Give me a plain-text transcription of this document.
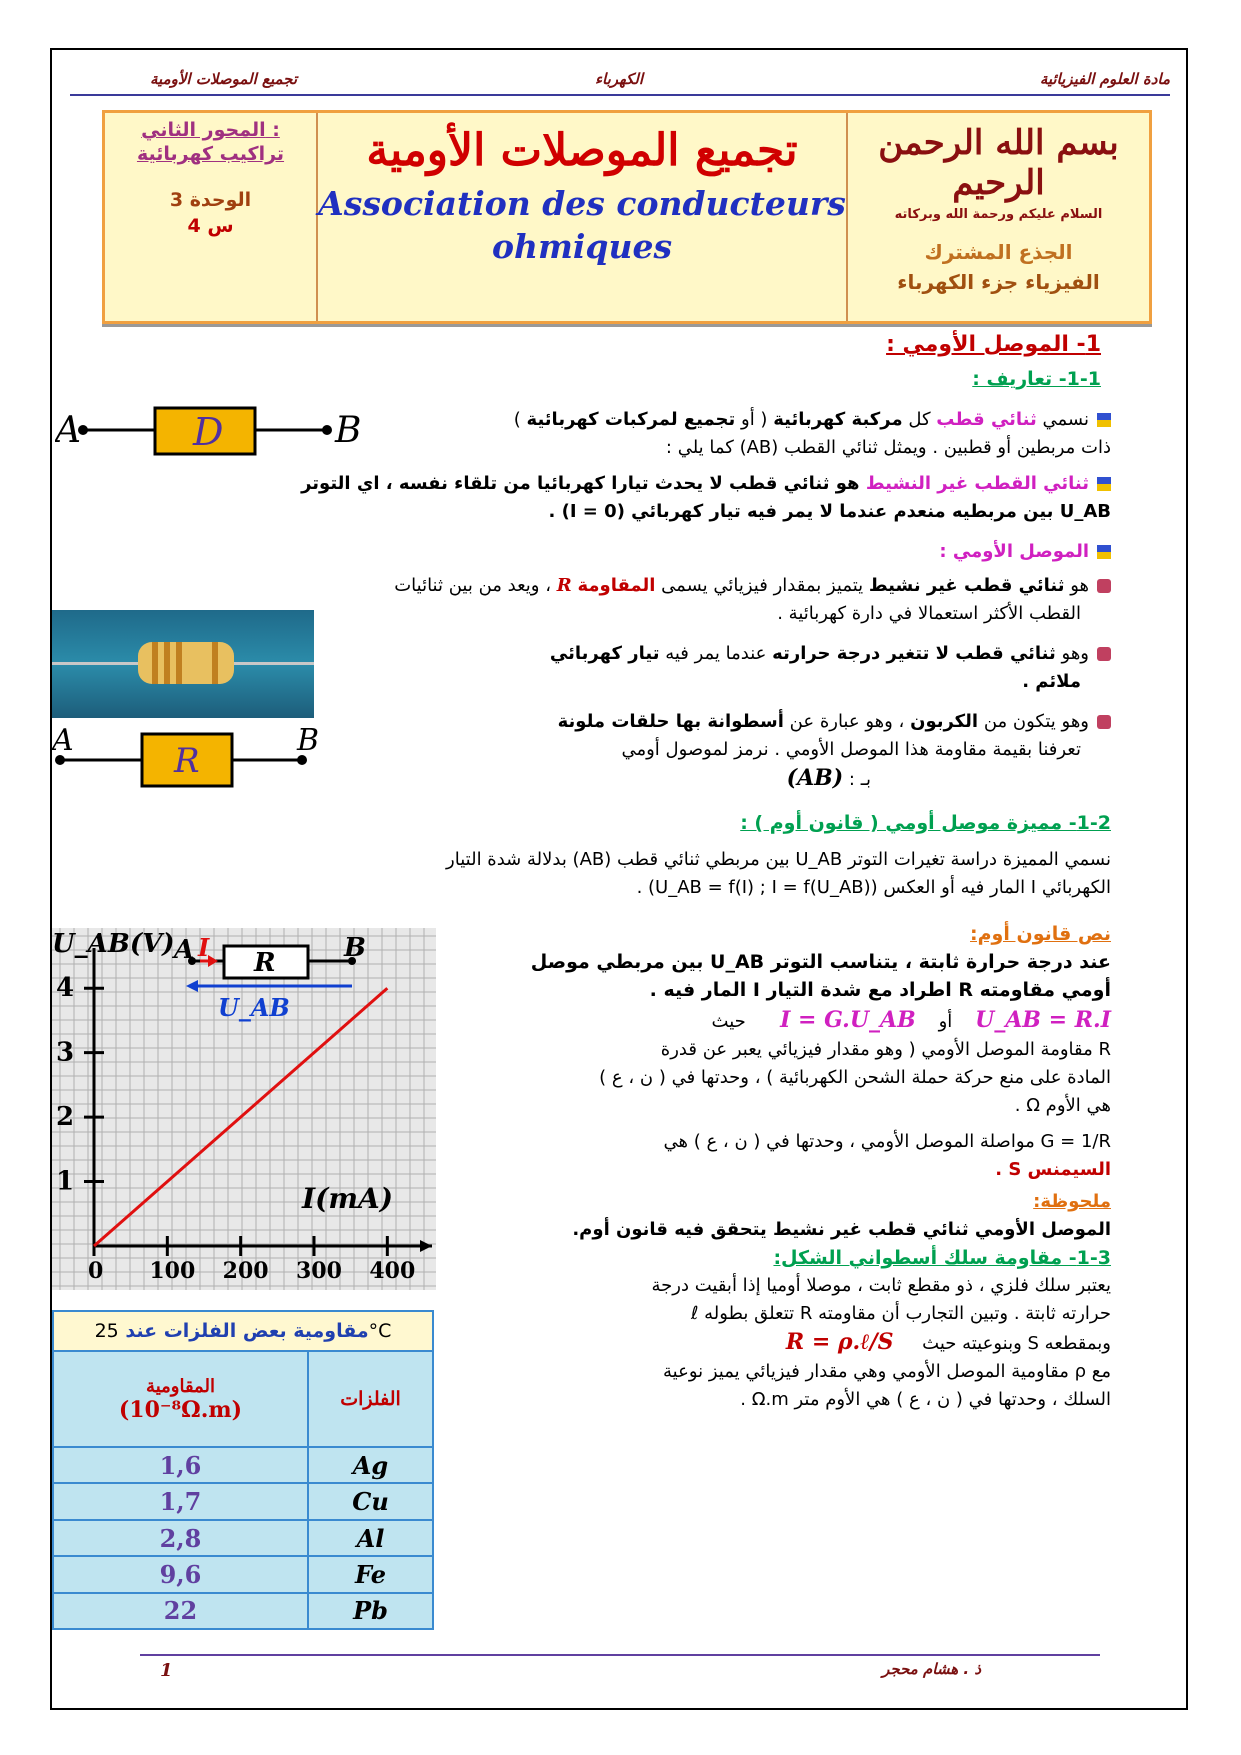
تجميع الموصلات الأومية	الكهرباء	مادة العلوم الفيزيائية
المحور الثاني :
تراكيب كهربائية
الوحدة 3
4 س
تجميع الموصلات الأومية
Association des conducteurs
ohmiques
بسم الله الرحمن الرحيم
السلام عليكم ورحمة الله وبركاته
الجذع المشترك
الفيزياء جزء الكهرباء
1- الموصل الأومي :
1-1- تعاريف :
A	D	B	نسمي ثنائي قطب كل مركبة كهربائية ( أو تجميع لمركبات كهربائية )
ذات مربطين أو قطبين . ويمثل ثنائي القطب (AB) كما يلي :
ثنائي القطب غير النشيط هو ثنائي قطب لا يحدث تيارا كهربائيا من تلقاء نفسه ، اي التوتر
U_AB بين مربطيه منعدم عندما لا يمر فيه تيار كهربائي (I = 0) .
الموصل الأومي :
هو ثنائي قطب غير نشيط يتميز بمقدار فيزيائي يسمى المقاومة R ، ويعد من بين ثنائيات
القطب الأكثر استعمالا في دارة كهربائية .
وهو ثنائي قطب لا تتغير درجة حرارته عندما يمر فيه تيار كهربائي
ملائم .
وهو يتكون من الكربون ، وهو عبارة عن أسطوانة بها حلقات ملونة
تعرفنا بقيمة مقاومة هذا الموصل الأومي . نرمز لموصول أومي
بـ : (AB)
A
R
B
1-2- مميزة موصل أومي ( قانون أوم ) :
نسمي المميزة دراسة تغيرات التوتر U_AB بين مربطي ثنائي قطب (AB) بدلالة شدة التيار
الكهربائي I المار فيه أو العكس (U_AB = f(I) ; I = f(U_AB)) .
0 100 200 300 400
1
2
3
4
U_AB(V)
I(mA)
A I
R	B
U_AB
نص قانون أوم:
عند درجة حرارة ثابتة ، يتناسب التوتر U_AB بين مربطي موصل
أومي مقاومته R اطراد مع شدة التيار I المار فيه .
U_AB = R.I    أو    I = G.U_AB      حيث
R مقاومة الموصل الأومي ( وهو مقدار فيزيائي يعبر عن قدرة
المادة على منع حركة حملة الشحن الكهربائية ) ، وحدتها في ( ن ، ع )
هي الأوم Ω .
G = 1/R مواصلة الموصل الأومي ، وحدتها في ( ن ، ع ) هي
السيمنس S .
ملحوظة:
الموصل الأومي ثنائي قطب غير نشيط يتحقق فيه قانون أوم.
1-3- مقاومة سلك أسطواني الشكل:
يعتبر سلك فلزي ، ذو مقطع ثابت ، موصلا أوميا إذا أبقيت درجة
حرارته ثابتة . وتبين التجارب أن مقاومته R تتعلق بطوله ℓ
وبمقطعه S وبنوعيته حيث     R = ρ.ℓ/S
مع ρ مقاومية الموصل الأومي وهي مقدار فيزيائي يميز نوعية
السلك ، وحدتها في ( ن ، ع ) هي الأوم متر Ω.m .
مقاومية بعض الفلزات عند 25°C	

المقاومية
(10⁻⁸Ω.m)	الفلزات
1,6	Ag
1,7	Cu
2,8	Al
9,6	Fe
22	Pb
1	ذ . هشام محجر
